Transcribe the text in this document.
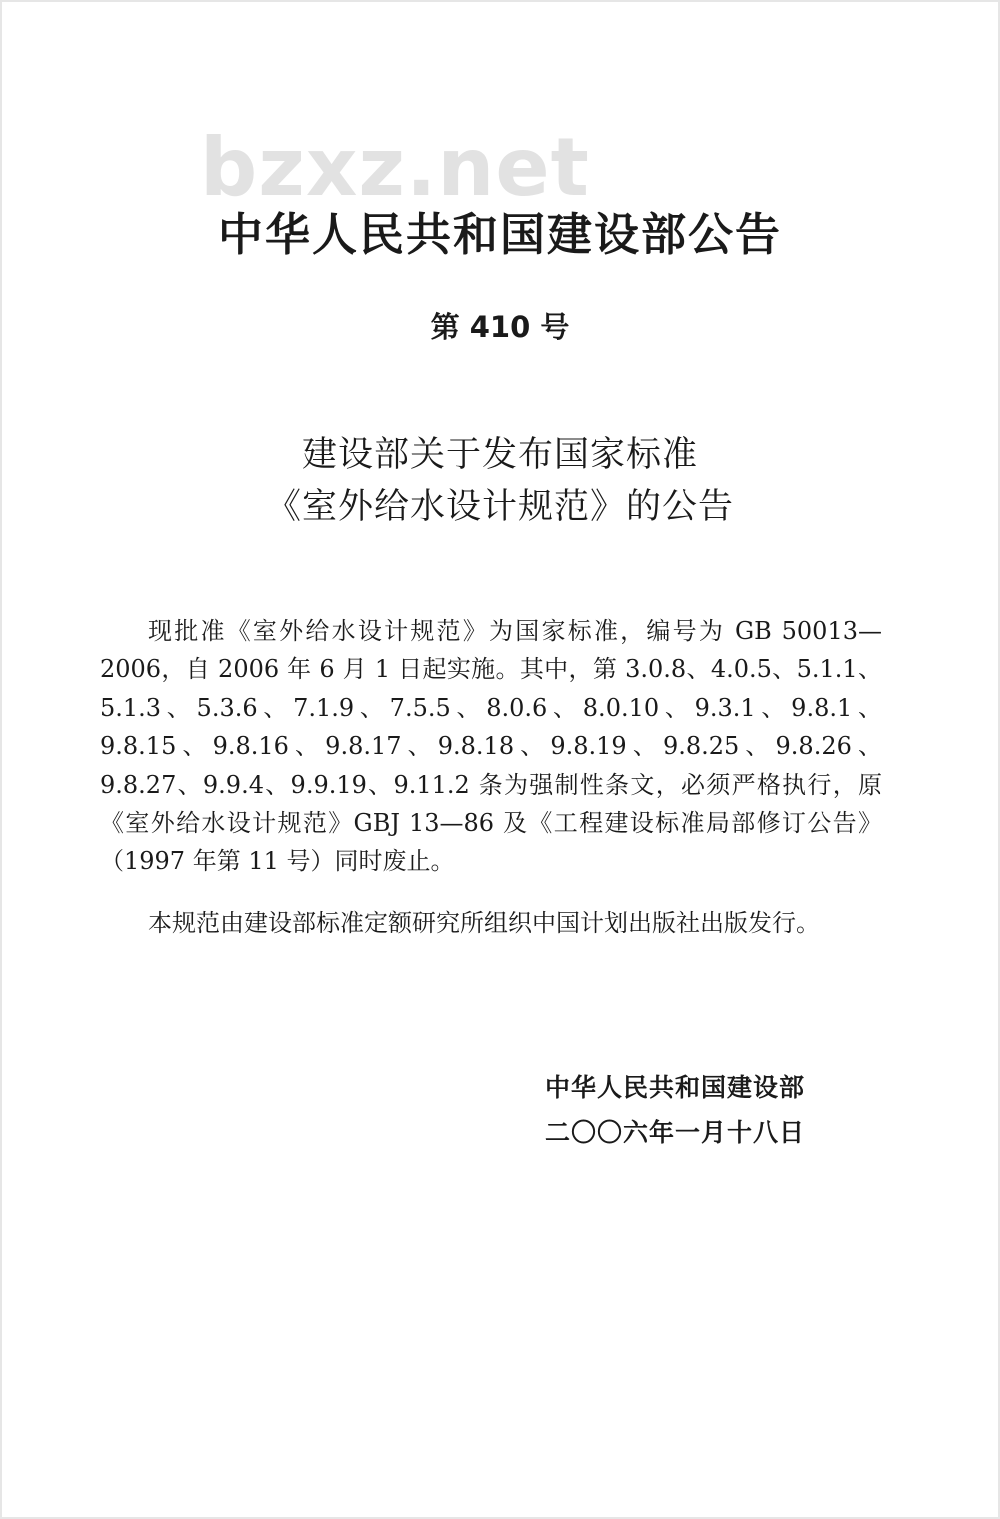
bzxz.net
中华人民共和国建设部公告
第 410 号
建设部关于发布国家标准
《室外给水设计规范》的公告

现批准《室外给水设计规范》为国家标准，编号为 GB 50013—2006，自 2006 年 6 月 1 日起实施。其中，第 3.0.8、4.0.5、5.1.1、5.1.3、5.3.6、7.1.9、7.5.5、8.0.6、8.0.10、9.3.1、9.8.1、9.8.15、9.8.16、9.8.17、9.8.18、9.8.19、9.8.25、9.8.26、9.8.27、9.9.4、9.9.19、9.11.2 条为强制性条文，必须严格执行，原《室外给水设计规范》GBJ 13—86 及《工程建设标准局部修订公告》（1997 年第 11 号）同时废止。

本规范由建设部标准定额研究所组织中国计划出版社出版发行。

中华人民共和国建设部
二〇〇六年一月十八日
